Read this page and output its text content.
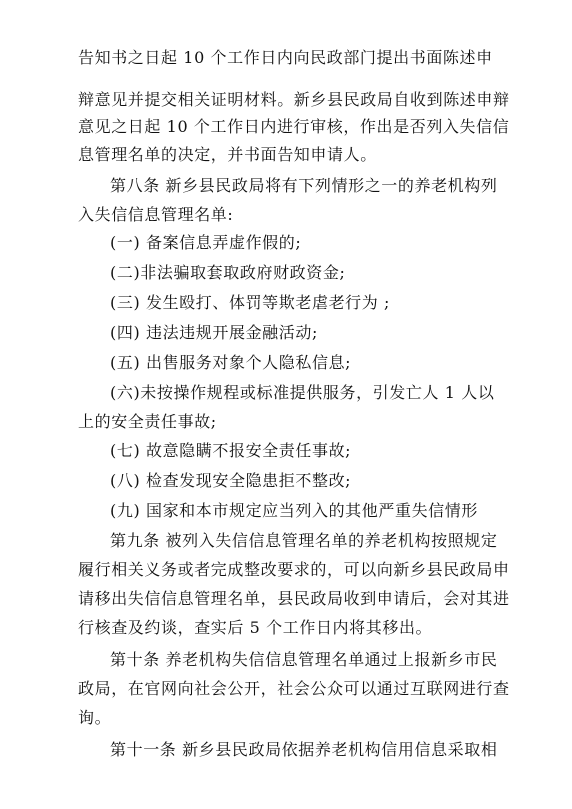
告知书之日起 10 个工作日内向民政部门提出书面陈述申
辩意见并提交相关证明材料。新乡县民政局自收到陈述申辩
意见之日起 10 个工作日内进行审核，作出是否列入失信信
息管理名单的决定，并书面告知申请人。
第八条 新乡县民政局将有下列情形之一的养老机构列
入失信信息管理名单:
(一) 备案信息弄虚作假的;
(二)非法骗取套取政府财政资金;
(三) 发生殴打、体罚等欺老虐老行为 ;
(四) 违法违规开展金融活动;
(五) 出售服务对象个人隐私信息;
(六)未按操作规程或标准提供服务，引发亡人 1 人以
上的安全责任事故;
(七) 故意隐瞒不报安全责任事故;
(八) 检查发现安全隐患拒不整改;
(九) 国家和本市规定应当列入的其他严重失信情形
第九条 被列入失信信息管理名单的养老机构按照规定
履行相关义务或者完成整改要求的，可以向新乡县民政局申
请移出失信信息管理名单，县民政局收到申请后，会对其进
行核查及约谈，查实后 5 个工作日内将其移出。
第十条 养老机构失信信息管理名单通过上报新乡市民
政局，在官网向社会公开，社会公众可以通过互联网进行查
询。
第十一条 新乡县民政局依据养老机构信用信息采取相
